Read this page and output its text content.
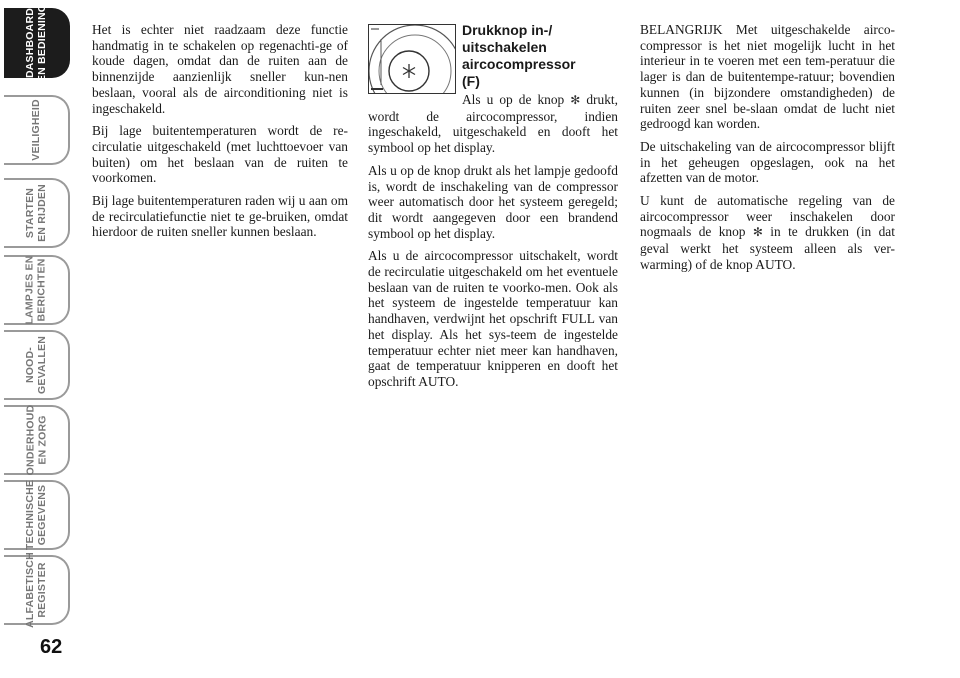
DASHBOARD
EN BEDIENING
VEILIGHEID
STARTEN
EN RIJDEN
LAMPJES EN
BERICHTEN
NOOD-
GEVALLEN
ONDERHOUD
EN ZORG
TECHNISCHE
GEGEVENS
ALFABETISCH
REGISTER
62

Het is echter niet raadzaam deze functie handmatig in te schakelen op regenachti-ge of koude dagen, omdat dan de ruiten aan de binnenzijde aanzienlijk sneller kun-nen beslaan, vooral als de airconditioning niet is ingeschakeld.

Bij lage buitentemperaturen wordt de re-circulatie uitgeschakeld (met luchttoevoer van buiten) om het beslaan van de ruiten te voorkomen.

Bij lage buitentemperaturen raden wij u aan om de recirculatiefunctie niet te ge-bruiken, omdat hierdoor de ruiten sneller kunnen beslaan.

Drukknop in-/
uitschakelen
aircocompressor
(F)

Als u op de knop ✻ drukt, wordt de aircocompressor, indien ingeschakeld, uitgeschakeld en dooft het symbool op het display.

Als u op de knop drukt als het lampje gedoofd is, wordt de inschakeling van de compressor weer automatisch door het systeem geregeld; dit wordt aangegeven door een brandend symbool op het display.

Als u de aircocompressor uitschakelt, wordt de recirculatie uitgeschakeld om het eventuele beslaan van de ruiten te voorko-men. Ook als het systeem de ingestelde temperatuur kan handhaven, verdwijnt het opschrift FULL van het display. Als het sys-teem de ingestelde temperatuur echter niet meer kan handhaven, gaat de temperatuur knipperen en dooft het opschrift AUTO.

BELANGRIJK Met uitgeschakelde airco-compressor is het niet mogelijk lucht in het interieur in te voeren met een tem-peratuur die lager is dan de buitentempe-ratuur; bovendien kunnen (in bijzondere omstandigheden) de ruiten zeer snel be-slaan omdat de lucht niet gedroogd kan worden.

De uitschakeling van de aircocompressor blijft in het geheugen opgeslagen, ook na het afzetten van de motor.

U kunt de automatische regeling van de aircocompressor weer inschakelen door nogmaals de knop ✻ in te drukken (in dat geval werkt het systeem alleen als ver-warming) of de knop AUTO.
